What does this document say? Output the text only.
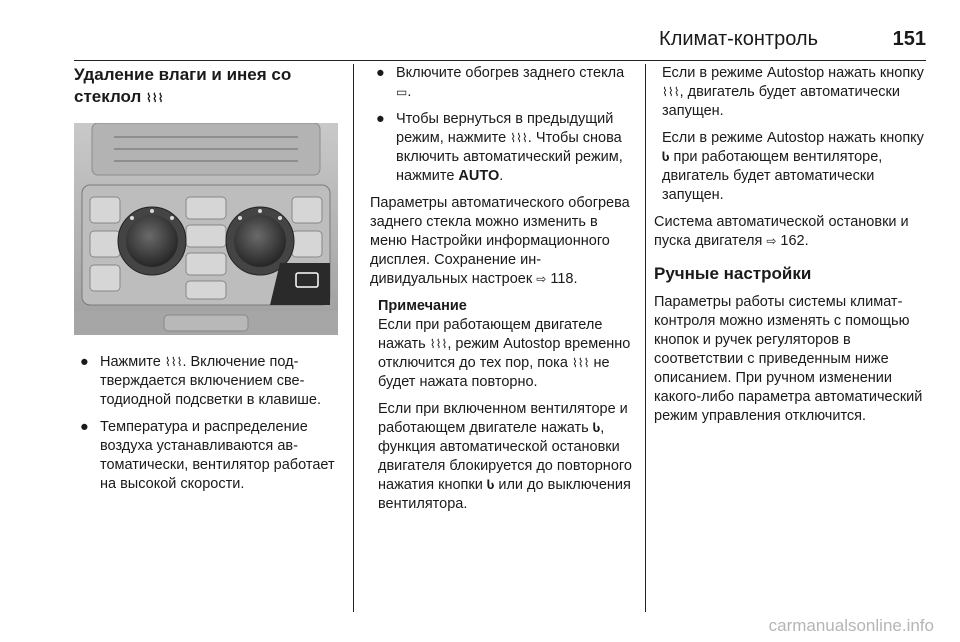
Климат-контроль	151
Удаление влаги и инея со стеклол ⌇⌇⌇
● Нажмите ⌇⌇⌇. Включение подтверждается включением светодиодной подсветки в клавише.
● Температура и распределение воздуха устанавливаются автоматически, вентилятор работает на высокой скорости.
● Включите обогрев заднего стекла ▭.
● Чтобы вернуться в предыдущий режим, нажмите ⌇⌇⌇. Чтобы снова включить автоматический режим, нажмите AUTO.

Параметры автоматического обогрева заднего стекла можно изменить в меню Настройки информационного дисплея. Сохранение индивидуальных настроек ⇨ 118.

Примечание

Если при работающем двигателе нажать ⌇⌇⌇, режим Autostop временно отключится до тех пор, пока ⌇⌇⌇ не будет нажата повторно.

Если при включенном вентиляторе и работающем двигателе нажать Ⴑ, функция автоматической остановки двигателя блокируется до повторного нажатия кнопки Ⴑ или до выключения вентилятора.

Если в режиме Autostop нажать кнопку ⌇⌇⌇, двигатель будет автоматически запущен.

Если в режиме Autostop нажать кнопку Ⴑ при работающем вентиляторе, двигатель будет автоматически запущен.

Система автоматической остановки и пуска двигателя ⇨ 162.

Ручные настройки

Параметры работы системы климат-контроля можно изменять с помощью кнопок и ручек регуляторов в соответствии с приведенным ниже описанием. При ручном изменении какого-либо параметра автоматический режим управления отключится.

carmanualsonline.info
